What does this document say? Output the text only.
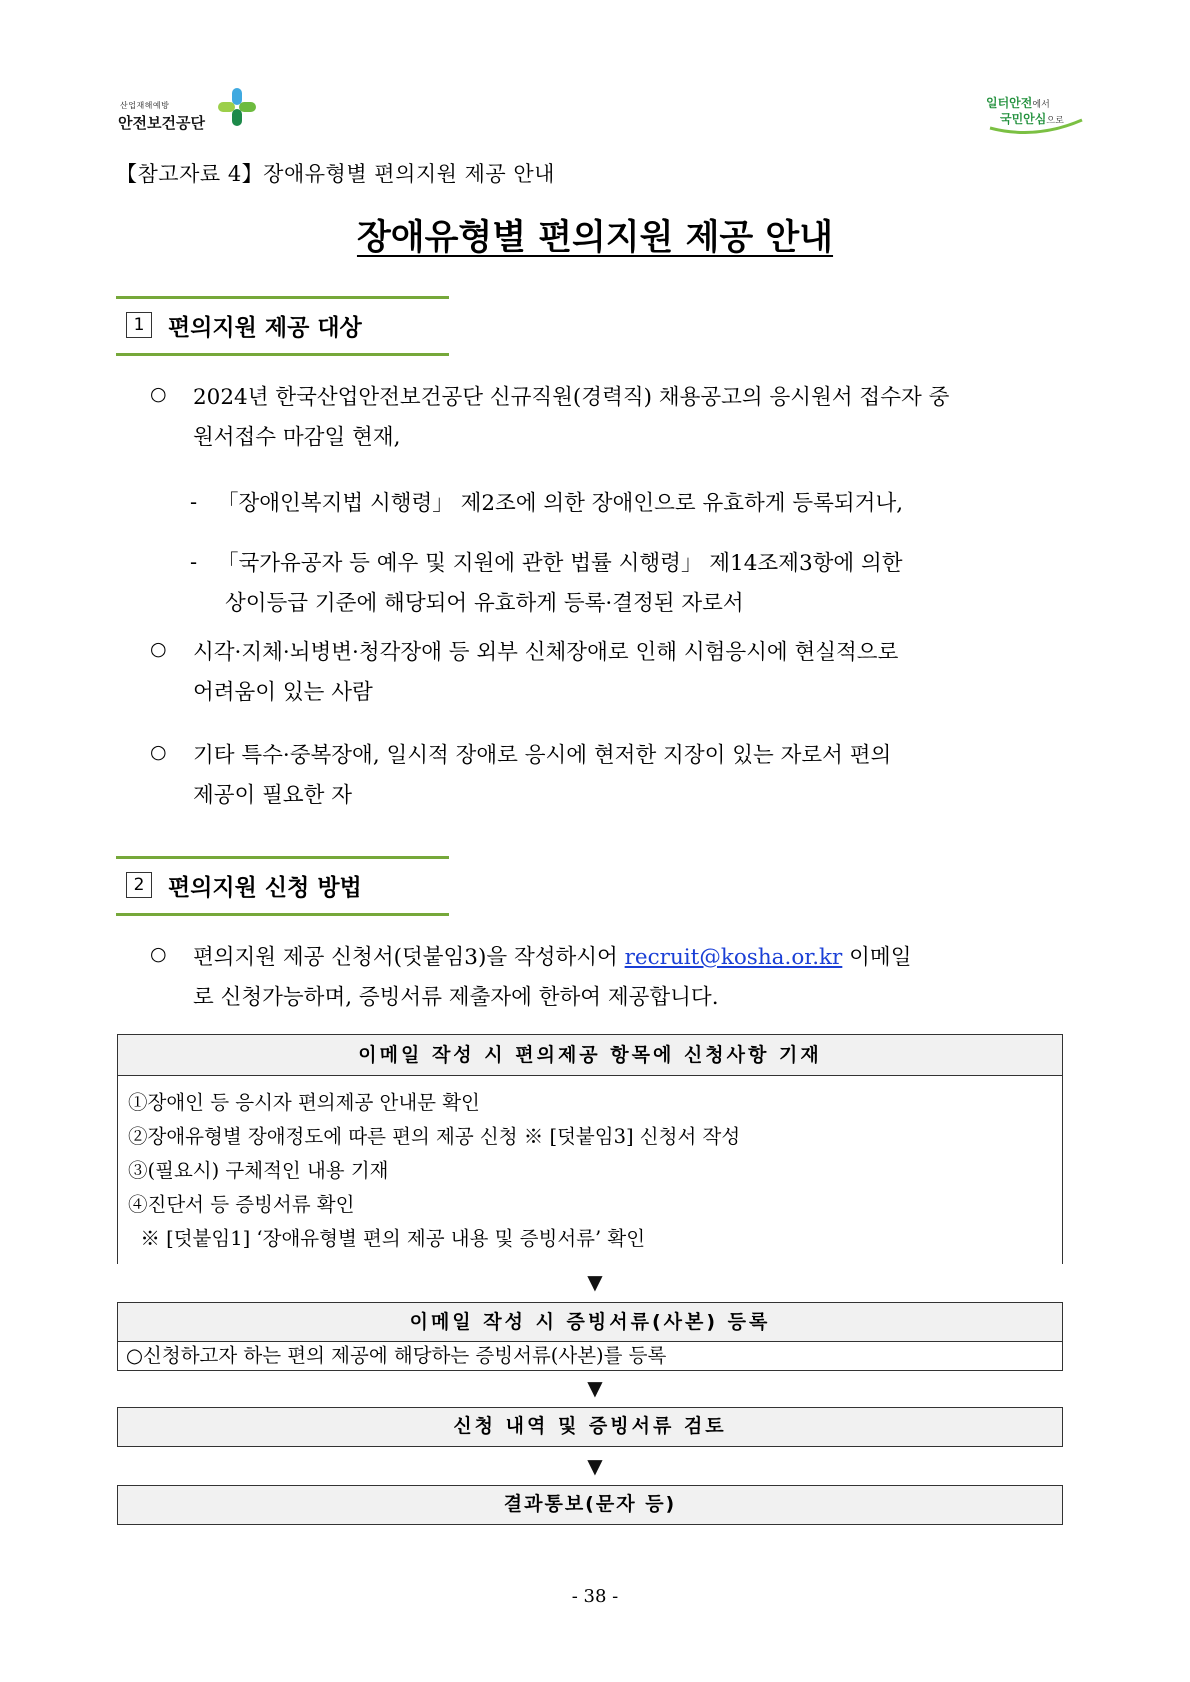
산업재해예방
안전보건공단
일터안전에서
국민안심으로
【참고자료 4】장애유형별 편의지원 제공 안내
장애유형별 편의지원 제공 안내
1	편의지원 제공 대상
○ 2024년 한국산업안전보건공단 신규직원(경력직) 채용공고의 응시원서 접수자 중
원서접수 마감일 현재,
- 「장애인복지법 시행령」 제2조에 의한 장애인으로 유효하게 등록되거나,
- 「국가유공자 등 예우 및 지원에 관한 법률 시행령」 제14조제3항에 의한
상이등급 기준에 해당되어 유효하게 등록·결정된 자로서
○ 시각·지체·뇌병변·청각장애 등 외부 신체장애로 인해 시험응시에 현실적으로
어려움이 있는 사람
○ 기타 특수·중복장애, 일시적 장애로 응시에 현저한 지장이 있는 자로서 편의
제공이 필요한 자
2	편의지원 신청 방법
○ 편의지원 제공 신청서(덧붙임3)을 작성하시어 recruit@kosha.or.kr 이메일
로 신청가능하며, 증빙서류 제출자에 한하여 제공합니다.
이메일 작성 시 편의제공 항목에 신청사항 기재
①장애인 등 응시자 편의제공 안내문 확인
②장애유형별 장애정도에 따른 편의 제공 신청 ※ [덧붙임3] 신청서 작성
③(필요시) 구체적인 내용 기재
④진단서 등 증빙서류 확인
※ [덧붙임1] ‘장애유형별 편의 제공 내용 및 증빙서류’ 확인
▼
이메일 작성 시 증빙서류(사본) 등록
○신청하고자 하는 편의 제공에 해당하는 증빙서류(사본)를 등록
▼
신청 내역 및 증빙서류 검토
▼
결과통보(문자 등)
- 38 -
